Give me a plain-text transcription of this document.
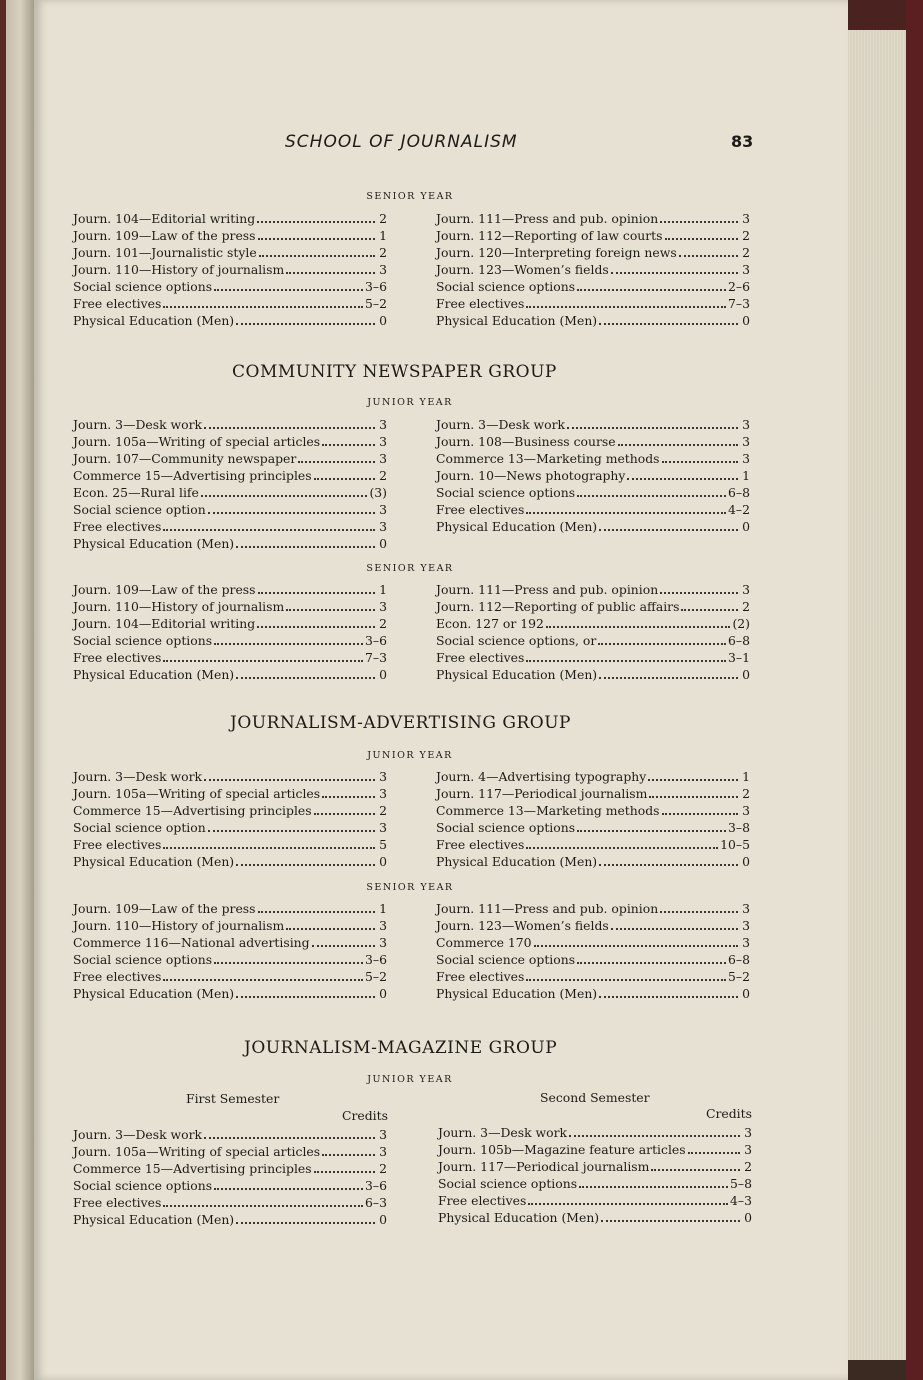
SCHOOL OF JOURNALISM	83
SENIOR YEAR
Journ. 104—Editorial writing	2
Journ. 109—Law of the press	1
Journ. 101—Journalistic style	2
Journ. 110—History of journalism	3
Social science options	3–6
Free electives	5–2
Physical Education (Men)	0
Journ. 111—Press and pub. opinion	3
Journ. 112—Reporting of law courts	2
Journ. 120—Interpreting foreign news	2
Journ. 123—Women’s fields	3
Social science options	2–6
Free electives	7–3
Physical Education (Men)	0
COMMUNITY NEWSPAPER GROUP
JUNIOR YEAR
Journ. 3—Desk work	3
Journ. 105a—Writing of special articles	3
Journ. 107—Community newspaper	3
Commerce 15—Advertising principles	2
Econ. 25—Rural life	(3)
Social science option	3
Free electives	3
Physical Education (Men)	0
Journ. 3—Desk work	3
Journ. 108—Business course	3
Commerce 13—Marketing methods	3
Journ. 10—News photography	1
Social science options	6–8
Free electives	4–2
Physical Education (Men)	0
SENIOR YEAR
Journ. 109—Law of the press	1
Journ. 110—History of journalism	3
Journ. 104—Editorial writing	2
Social science options	3–6
Free electives	7–3
Physical Education (Men)	0
Journ. 111—Press and pub. opinion	3
Journ. 112—Reporting of public affairs	2
Econ. 127 or 192	(2)
Social science options, or	6–8
Free electives	3–1
Physical Education (Men)	0
JOURNALISM-ADVERTISING GROUP
JUNIOR YEAR
Journ. 3—Desk work	3
Journ. 105a—Writing of special articles	3
Commerce 15—Advertising principles	2
Social science option	3
Free electives	5
Physical Education (Men)	0
Journ. 4—Advertising typography	1
Journ. 117—Periodical journalism	2
Commerce 13—Marketing methods	3
Social science options	3–8
Free electives	10–5
Physical Education (Men)	0
SENIOR YEAR
Journ. 109—Law of the press	1
Journ. 110—History of journalism	3
Commerce 116—National advertising	3
Social science options	3–6
Free electives	5–2
Physical Education (Men)	0
Journ. 111—Press and pub. opinion	3
Journ. 123—Women’s fields	3
Commerce 170	3
Social science options	6–8
Free electives	5–2
Physical Education (Men)	0
JOURNALISM-MAGAZINE GROUP
JUNIOR YEAR
First Semester	Second Semester
Credits	Credits
Journ. 3—Desk work	3
Journ. 105a—Writing of special articles	3
Commerce 15—Advertising principles	2
Social science options	3–6
Free electives	6–3
Physical Education (Men)	0
Journ. 3—Desk work	3
Journ. 105b—Magazine feature articles	3
Journ. 117—Periodical journalism	2
Social science options	5–8
Free electives	4–3
Physical Education (Men)	0
